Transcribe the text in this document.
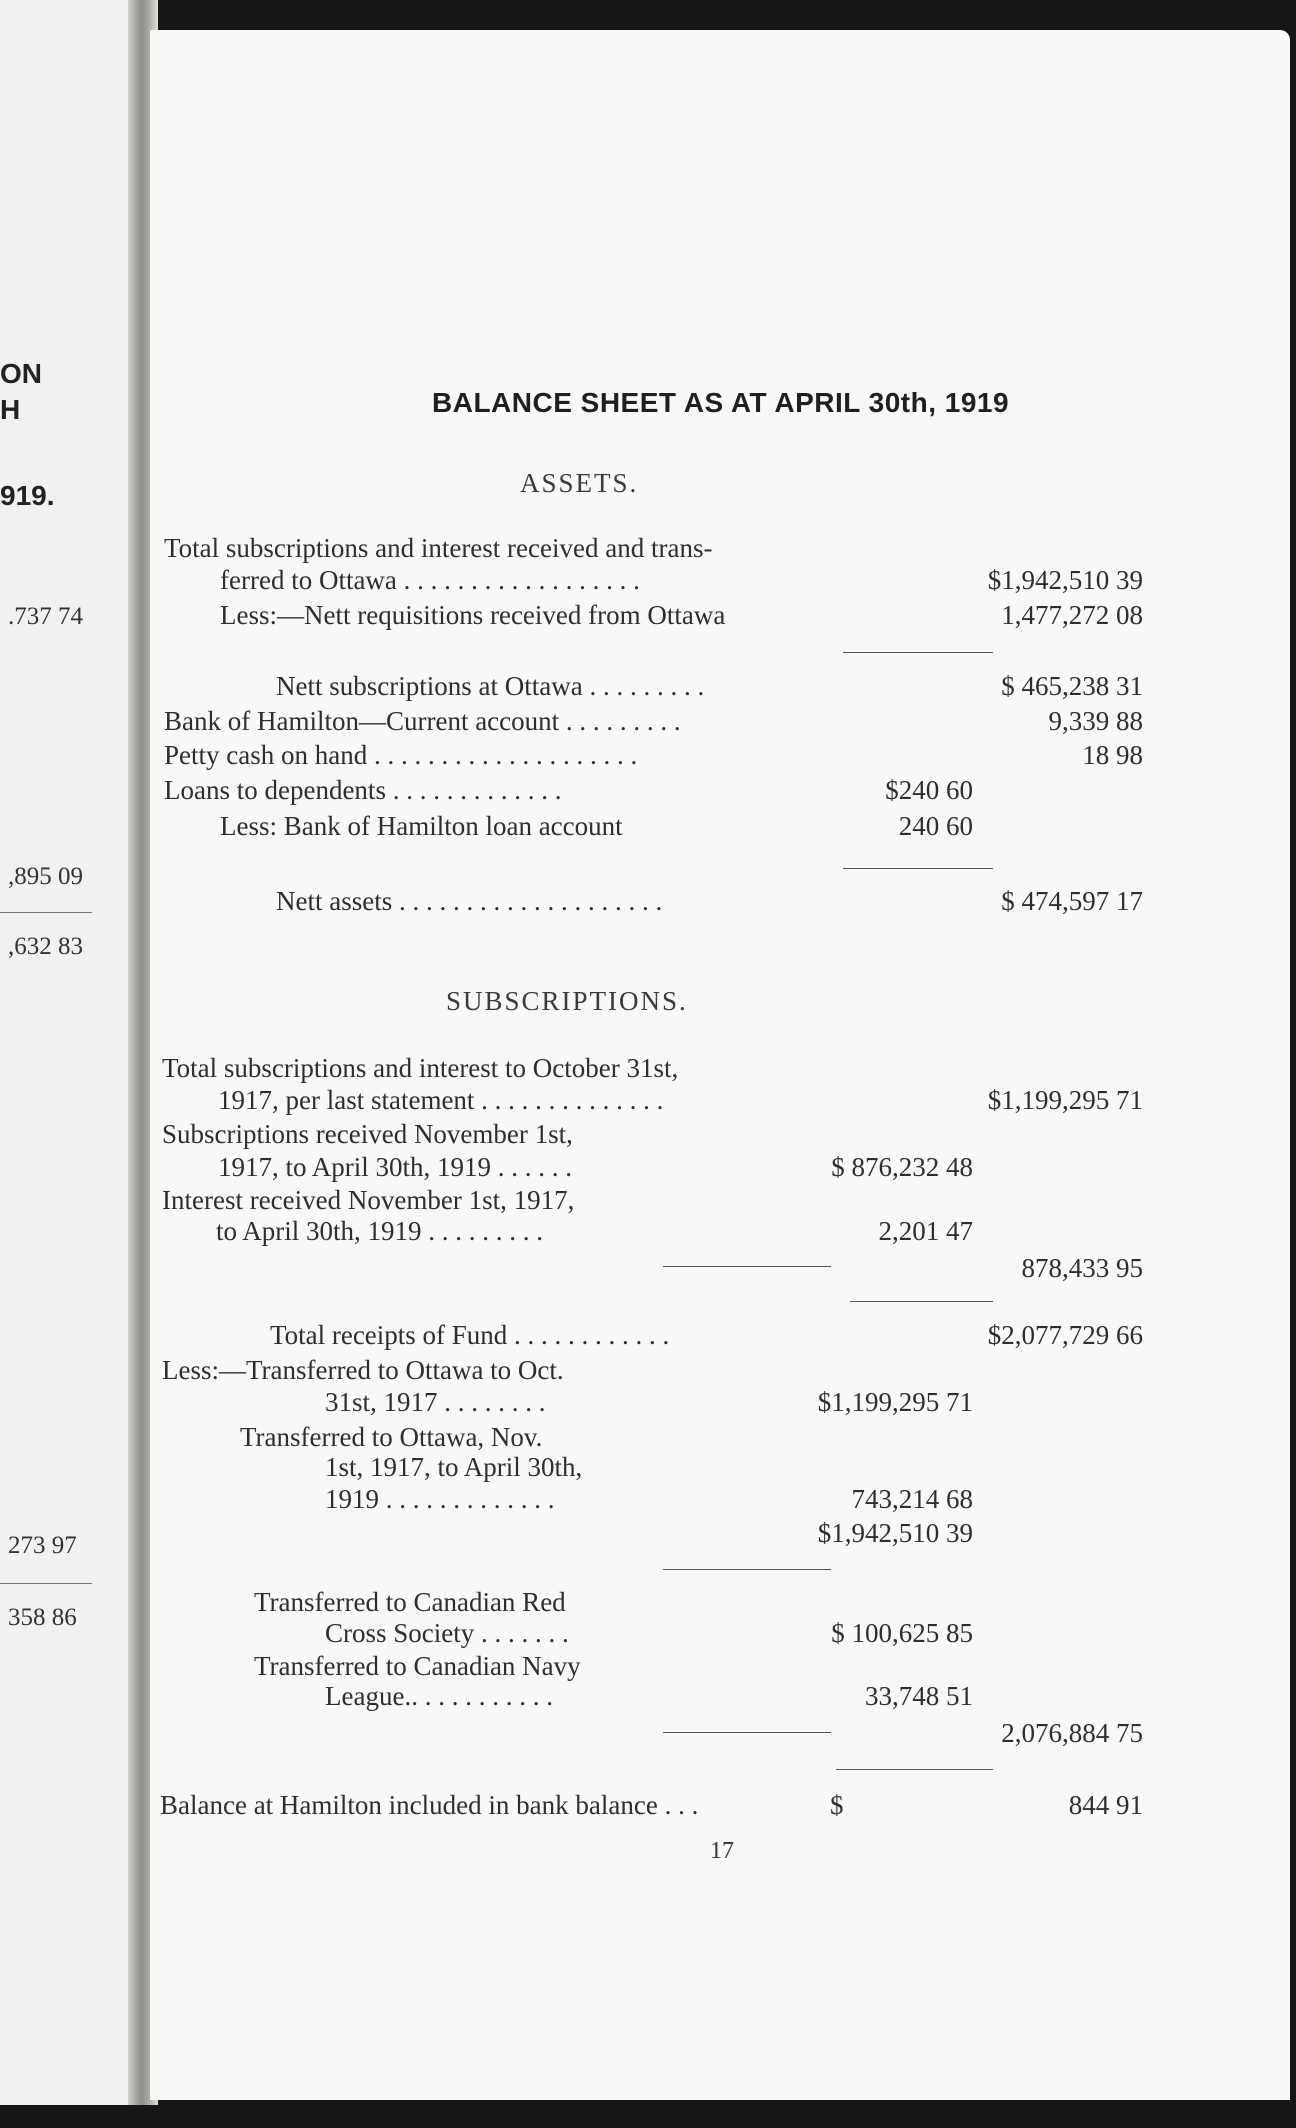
ON
H
919.
.737 74
,895 09
,632 83
273 97
358 86
BALANCE SHEET AS AT APRIL 30th, 1919
ASSETS.
Total subscriptions and interest received and trans-
ferred to Ottawa . . . . . . . . . . . . . . . . . .	$1,942,510 39
Less:—Nett requisitions received from Ottawa	1,477,272 08
Nett subscriptions at Ottawa . . . . . . . . .	$ 465,238 31
Bank of Hamilton—Current account . . . . . . . . .	9,339 88
Petty cash on hand . . . . . . . . . . . . . . . . . . . .	18 98
Loans to dependents . . . . . . . . . . . . .	$240 60
Less: Bank of Hamilton loan account	240 60
Nett assets . . . . . . . . . . . . . . . . . . . .	$ 474,597 17
SUBSCRIPTIONS.
Total subscriptions and interest to October 31st,
1917, per last statement . . . . . . . . . . . . . .	$1,199,295 71
Subscriptions received November 1st,
1917, to April 30th, 1919 . . . . . .	$ 876,232 48
Interest received November 1st, 1917,
to April 30th, 1919 . . . . . . . . .	2,201 47
878,433 95
Total receipts of Fund . . . . . . . . . . . .	$2,077,729 66
Less:—Transferred to Ottawa to Oct.
31st, 1917 . . . . . . . .	$1,199,295 71
Transferred to Ottawa, Nov.
1st, 1917, to April 30th,
1919 . . . . . . . . . . . . .	743,214 68
$1,942,510 39
Transferred to Canadian Red
Cross Society . . . . . . .	$ 100,625 85
Transferred to Canadian Navy
League.. . . . . . . . . . .	33,748 51
2,076,884 75
Balance at Hamilton included in bank balance . . .	$	844 91
17
